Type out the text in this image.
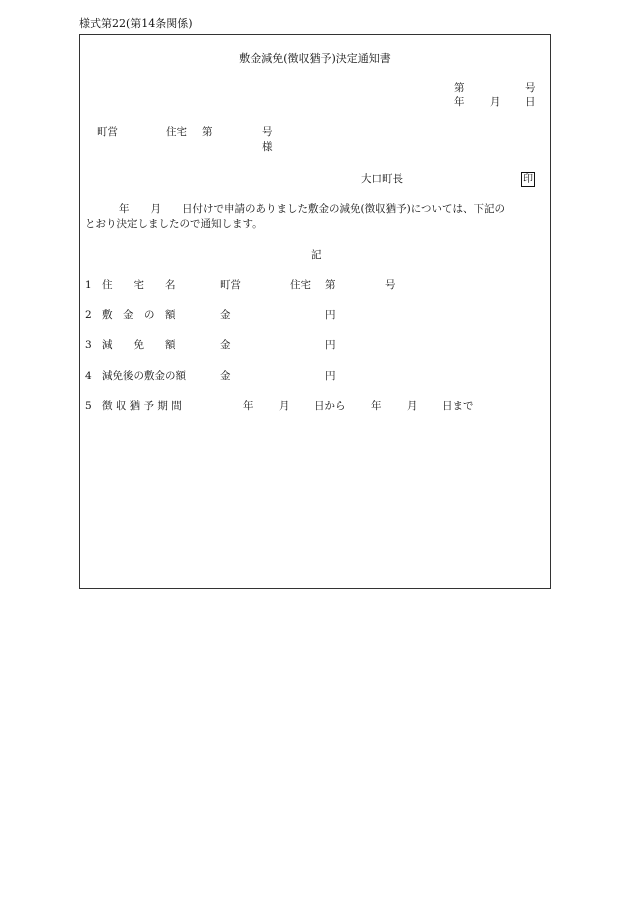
様式第22(第14条関係)
敷金減免(徴収猶予)決定通知書
第	号
年 月 日
町営	住宅 第	号
様
大口町長	印
年　　月　　日付けで申請のありました敷金の減免(徴収猶予)については、下記の
とおり決定しましたので通知します。
記
1 住　　宅　　名	町営	住宅 第	号
2 敷　金　の　額	金	円
3 減　　免　　額	金	円
4 減免後の敷金の額	金	円
5 徴 収 猶 予 期 間	年 月 日から 年 月 日まで
